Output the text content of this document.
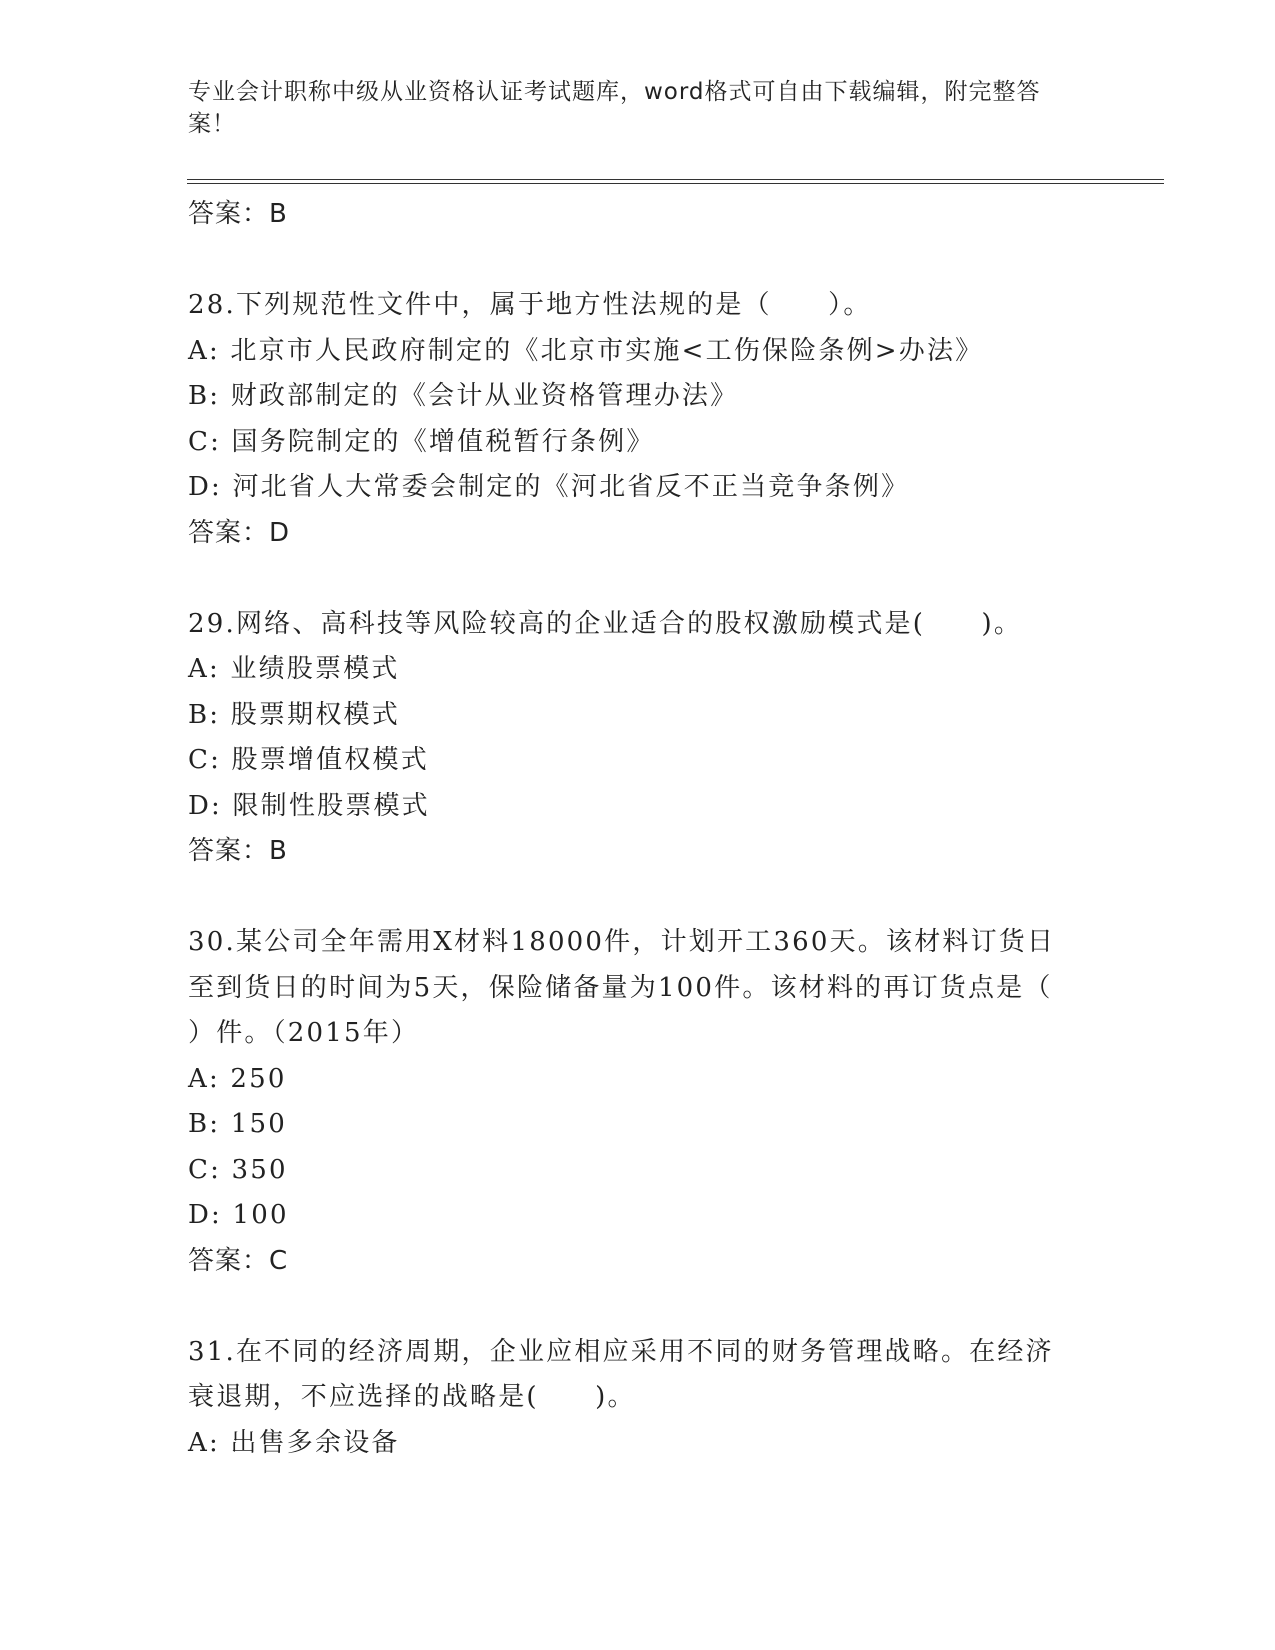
专业会计职称中级从业资格认证考试题库，word格式可自由下载编辑，附完整答案！
答案：B
28.下列规范性文件中，属于地方性法规的是（　　）。
A: 北京市人民政府制定的《北京市实施<工伤保险条例>办法》
B: 财政部制定的《会计从业资格管理办法》
C: 国务院制定的《增值税暂行条例》
D: 河北省人大常委会制定的《河北省反不正当竞争条例》
答案：D
29.网络、高科技等风险较高的企业适合的股权激励模式是(　　)。
A: 业绩股票模式
B: 股票期权模式
C: 股票增值权模式
D: 限制性股票模式
答案：B
30.某公司全年需用X材料18000件，计划开工360天。该材料订货日至到货日的时间为5天，保险储备量为100件。该材料的再订货点是（ ）件。（2015年）
A: 250
B: 150
C: 350
D: 100
答案：C
31.在不同的经济周期，企业应相应采用不同的财务管理战略。在经济衰退期，不应选择的战略是(　　)。
A: 出售多余设备
